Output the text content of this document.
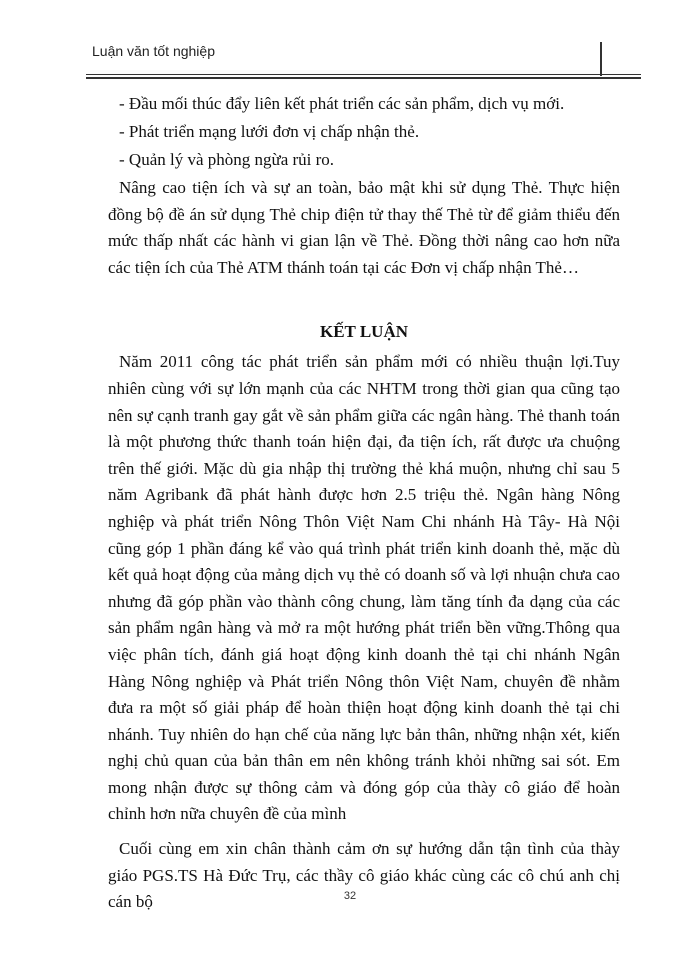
Luận văn tốt nghiệp

- Đầu mối thúc đẩy liên kết phát triển các sản phẩm, dịch vụ mới.

- Phát triển mạng lưới đơn vị chấp nhận thẻ.

- Quản lý và phòng ngừa rủi ro.

Nâng cao tiện ích và sự an toàn, bảo mật khi sử dụng Thẻ. Thực hiện đồng bộ đề án sử dụng Thẻ chip điện tử thay thế Thẻ từ để giảm thiểu đến mức thấp nhất các hành vi gian lận về Thẻ. Đồng thời nâng cao hơn nữa các tiện ích của Thẻ ATM thánh toán tại các Đơn vị chấp nhận Thẻ…

KẾT LUẬN

Năm 2011 công tác phát triển sản phẩm mới có nhiều thuận lợi.Tuy nhiên cùng với sự lớn mạnh của các NHTM trong thời gian qua cũng tạo nên sự cạnh tranh gay gắt về sản phẩm giữa các ngân hàng. Thẻ thanh toán là một phương thức thanh toán hiện đại, đa tiện ích, rất được ưa chuộng trên thế giới. Mặc dù gia nhập thị trường thẻ khá muộn, nhưng chỉ sau 5 năm Agribank đã phát hành được hơn 2.5 triệu thẻ. Ngân hàng Nông nghiệp và phát triển Nông Thôn Việt Nam Chi nhánh Hà Tây- Hà Nội cũng góp 1 phần đáng kể vào quá trình phát triển kinh doanh thẻ, mặc dù kết quả hoạt động của mảng dịch vụ thẻ có doanh số và lợi nhuận chưa cao nhưng đã góp phần vào thành công chung, làm tăng tính đa dạng của các sản phẩm ngân hàng và mở ra một hướng phát triển bền vững.Thông qua việc phân tích, đánh giá hoạt động kinh doanh thẻ tại chi nhánh Ngân Hàng Nông nghiệp và Phát triển Nông thôn Việt Nam, chuyên đề nhằm đưa ra một số giải pháp để hoàn thiện hoạt động kinh doanh thẻ tại chi nhánh. Tuy nhiên do hạn chế của năng lực bản thân, những nhận xét, kiến nghị chủ quan của bản thân em nên không tránh khỏi những sai sót. Em mong nhận được sự thông cảm và đóng góp của thày cô giáo để hoàn chỉnh hơn nữa chuyên đề của mình

Cuối cùng em xin chân thành cảm ơn sự hướng dẫn tận tình của thày giáo PGS.TS Hà Đức Trụ, các thầy cô giáo khác cùng các cô chú anh chị cán bộ	32
